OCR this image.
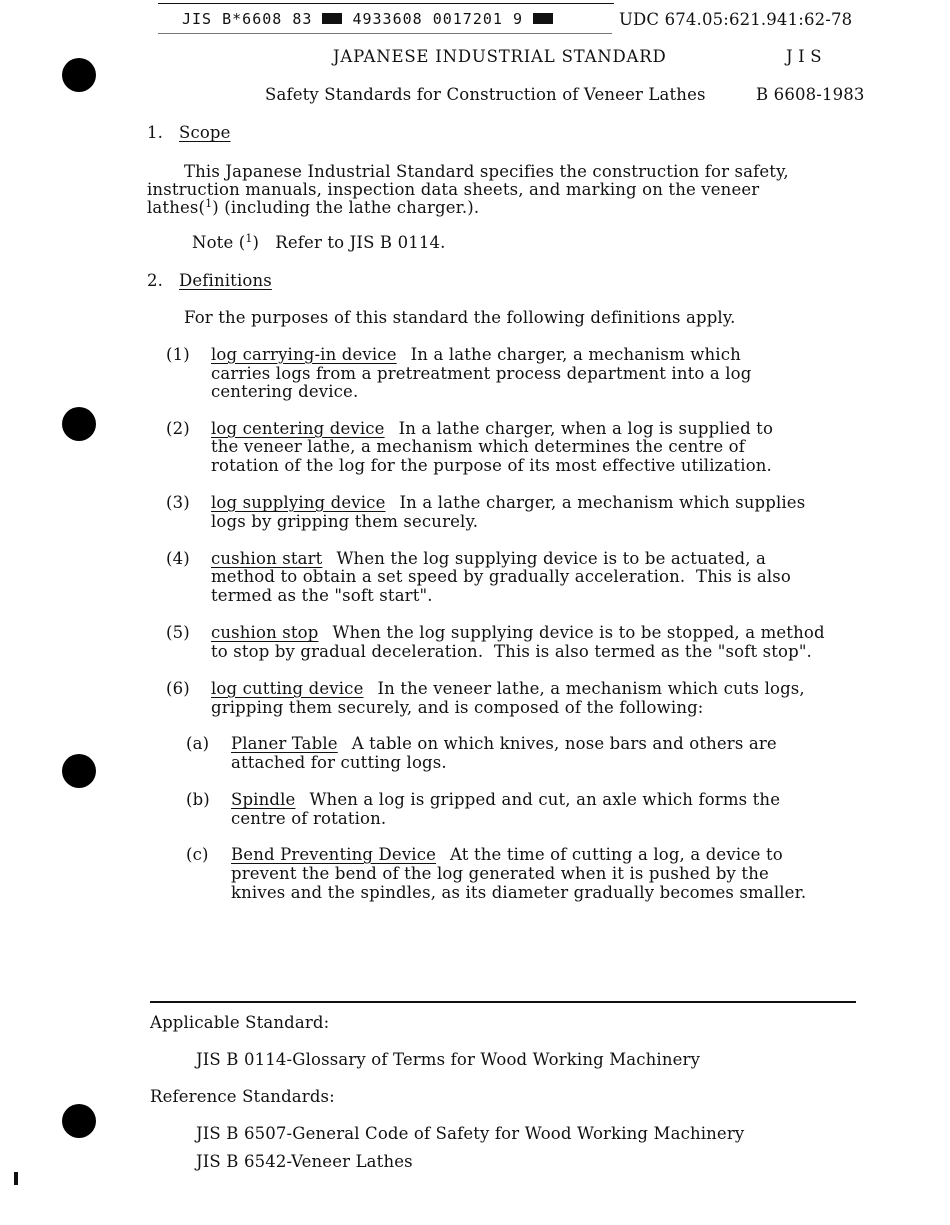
JIS B*6608 83	4933608 0017201 9	UDC 674.05:621.941:62-78
JAPANESE INDUSTRIAL STANDARD	J I S
Safety Standards for Construction of Veneer Lathes	B 6608-1983
1. Scope
This Japanese Industrial Standard specifies the construction for safety,
instruction manuals, inspection data sheets, and marking on the veneer
lathes($^1$) (including the lathe charger.).
Note ($^1$)   Refer to JIS B 0114.
2. Definitions
For the purposes of this standard the following definitions apply.
(1) log carrying-in device In a lathe charger, a mechanism which
carries logs from a pretreatment process department into a log
centering device.
(2) log centering device In a lathe charger, when a log is supplied to
the veneer lathe, a mechanism which determines the centre of
rotation of the log for the purpose of its most effective utilization.
(3) log supplying device In a lathe charger, a mechanism which supplies
logs by gripping them securely.
(4) cushion start When the log supplying device is to be actuated, a
method to obtain a set speed by gradually acceleration.  This is also
termed as the "soft start".
(5) cushion stop When the log supplying device is to be stopped, a method
to stop by gradual deceleration.  This is also termed as the "soft stop".
(6) log cutting device In the veneer lathe, a mechanism which cuts logs,
gripping them securely, and is composed of the following:
(a) Planer Table A table on which knives, nose bars and others are
attached for cutting logs.
(b) Spindle When a log is gripped and cut, an axle which forms the
centre of rotation.
(c) Bend Preventing Device At the time of cutting a log, a device to
prevent the bend of the log generated when it is pushed by the
knives and the spindles, as its diameter gradually becomes smaller.
Applicable Standard:
JIS B 0114-Glossary of Terms for Wood Working Machinery
Reference Standards:
JIS B 6507-General Code of Safety for Wood Working Machinery
JIS B 6542-Veneer Lathes
